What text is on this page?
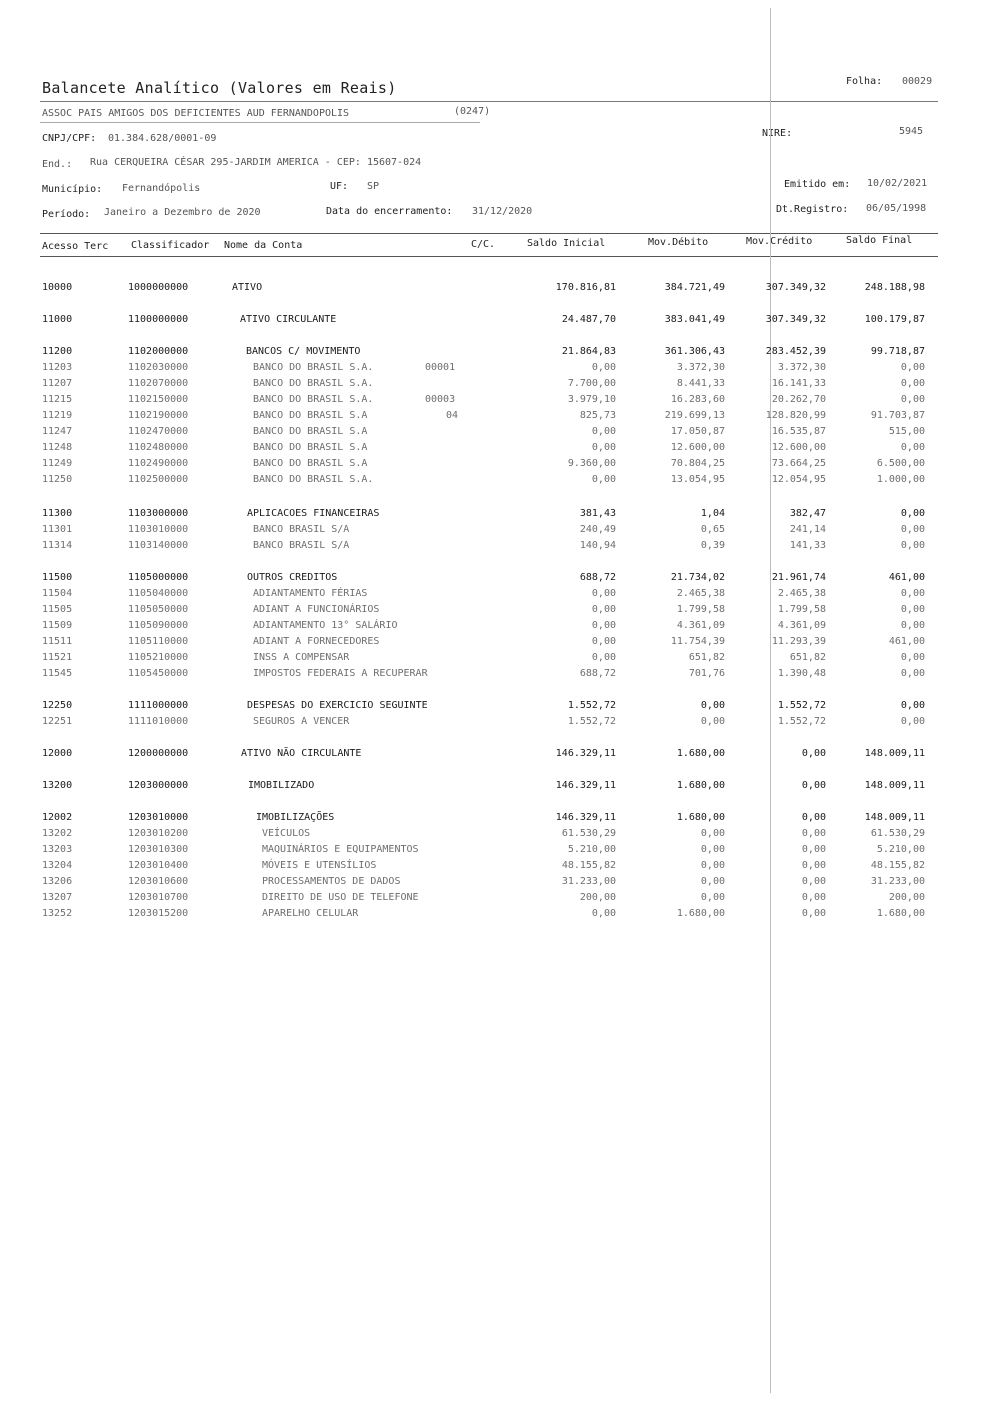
Balancete Analítico (Valores em Reais)	Folha: 00029
ASSOC PAIS AMIGOS DOS DEFICIENTES AUD FERNANDOPOLIS	(0247)
CNPJ/CPF: 01.384.628/0001-09	NIRE:	5945
End.: Rua CERQUEIRA CÉSAR 295-JARDIM AMERICA - CEP: 15607-024
Município: Fernandópolis	UF: SP	Emitido em: 10/02/2021
Período: Janeiro a Dezembro de 2020	Data do encerramento: 31/12/2020	Dt.Registro: 06/05/1998
Acesso Terc Classificador Nome da Conta	C/C.	Saldo Inicial	Mov.Débito	Mov.Crédito	Saldo Final
10000	1000000000	ATIVO	170.816,81	384.721,49	307.349,32	248.188,98
11000	1100000000	ATIVO CIRCULANTE	24.487,70	383.041,49	307.349,32	100.179,87
11200	1102000000	BANCOS C/ MOVIMENTO	21.864,83	361.306,43	283.452,39	99.718,87
11203	1102030000	BANCO DO BRASIL S.A.	00001	0,00	3.372,30	3.372,30	0,00
11207	1102070000	BANCO DO BRASIL S.A.	7.700,00	8.441,33	16.141,33	0,00
11215	1102150000	BANCO DO BRASIL S.A.	00003	3.979,10	16.283,60	20.262,70	0,00
11219	1102190000	BANCO DO BRASIL S.A	04	825,73	219.699,13	128.820,99	91.703,87
11247	1102470000	BANCO DO BRASIL S.A	0,00	17.050,87	16.535,87	515,00
11248	1102480000	BANCO DO BRASIL S.A	0,00	12.600,00	12.600,00	0,00
11249	1102490000	BANCO DO BRASIL S.A	9.360,00	70.804,25	73.664,25	6.500,00
11250	1102500000	BANCO DO BRASIL S.A.	0,00	13.054,95	12.054,95	1.000,00
11300	1103000000	APLICACOES FINANCEIRAS	381,43	1,04	382,47	0,00
11301	1103010000	BANCO BRASIL S/A	240,49	0,65	241,14	0,00
11314	1103140000	BANCO BRASIL S/A	140,94	0,39	141,33	0,00
11500	1105000000	OUTROS CREDITOS	688,72	21.734,02	21.961,74	461,00
11504	1105040000	ADIANTAMENTO FÉRIAS	0,00	2.465,38	2.465,38	0,00
11505	1105050000	ADIANT A FUNCIONÁRIOS	0,00	1.799,58	1.799,58	0,00
11509	1105090000	ADIANTAMENTO 13° SALÁRIO	0,00	4.361,09	4.361,09	0,00
11511	1105110000	ADIANT A FORNECEDORES	0,00	11.754,39	11.293,39	461,00
11521	1105210000	INSS A COMPENSAR	0,00	651,82	651,82	0,00
11545	1105450000	IMPOSTOS FEDERAIS A RECUPERAR	688,72	701,76	1.390,48	0,00
12250	1111000000	DESPESAS DO EXERCICIO SEGUINTE	1.552,72	0,00	1.552,72	0,00
12251	1111010000	SEGUROS A VENCER	1.552,72	0,00	1.552,72	0,00
12000	1200000000	ATIVO NÃO CIRCULANTE	146.329,11	1.680,00	0,00	148.009,11
13200	1203000000	IMOBILIZADO	146.329,11	1.680,00	0,00	148.009,11
12002	1203010000	IMOBILIZAÇÕES	146.329,11	1.680,00	0,00	148.009,11
13202	1203010200	VEÍCULOS	61.530,29	0,00	0,00	61.530,29
13203	1203010300	MAQUINÁRIOS E EQUIPAMENTOS	5.210,00	0,00	0,00	5.210,00
13204	1203010400	MÓVEIS E UTENSÍLIOS	48.155,82	0,00	0,00	48.155,82
13206	1203010600	PROCESSAMENTOS DE DADOS	31.233,00	0,00	0,00	31.233,00
13207	1203010700	DIREITO DE USO DE TELEFONE	200,00	0,00	0,00	200,00
13252	1203015200	APARELHO CELULAR	0,00	1.680,00	0,00	1.680,00
